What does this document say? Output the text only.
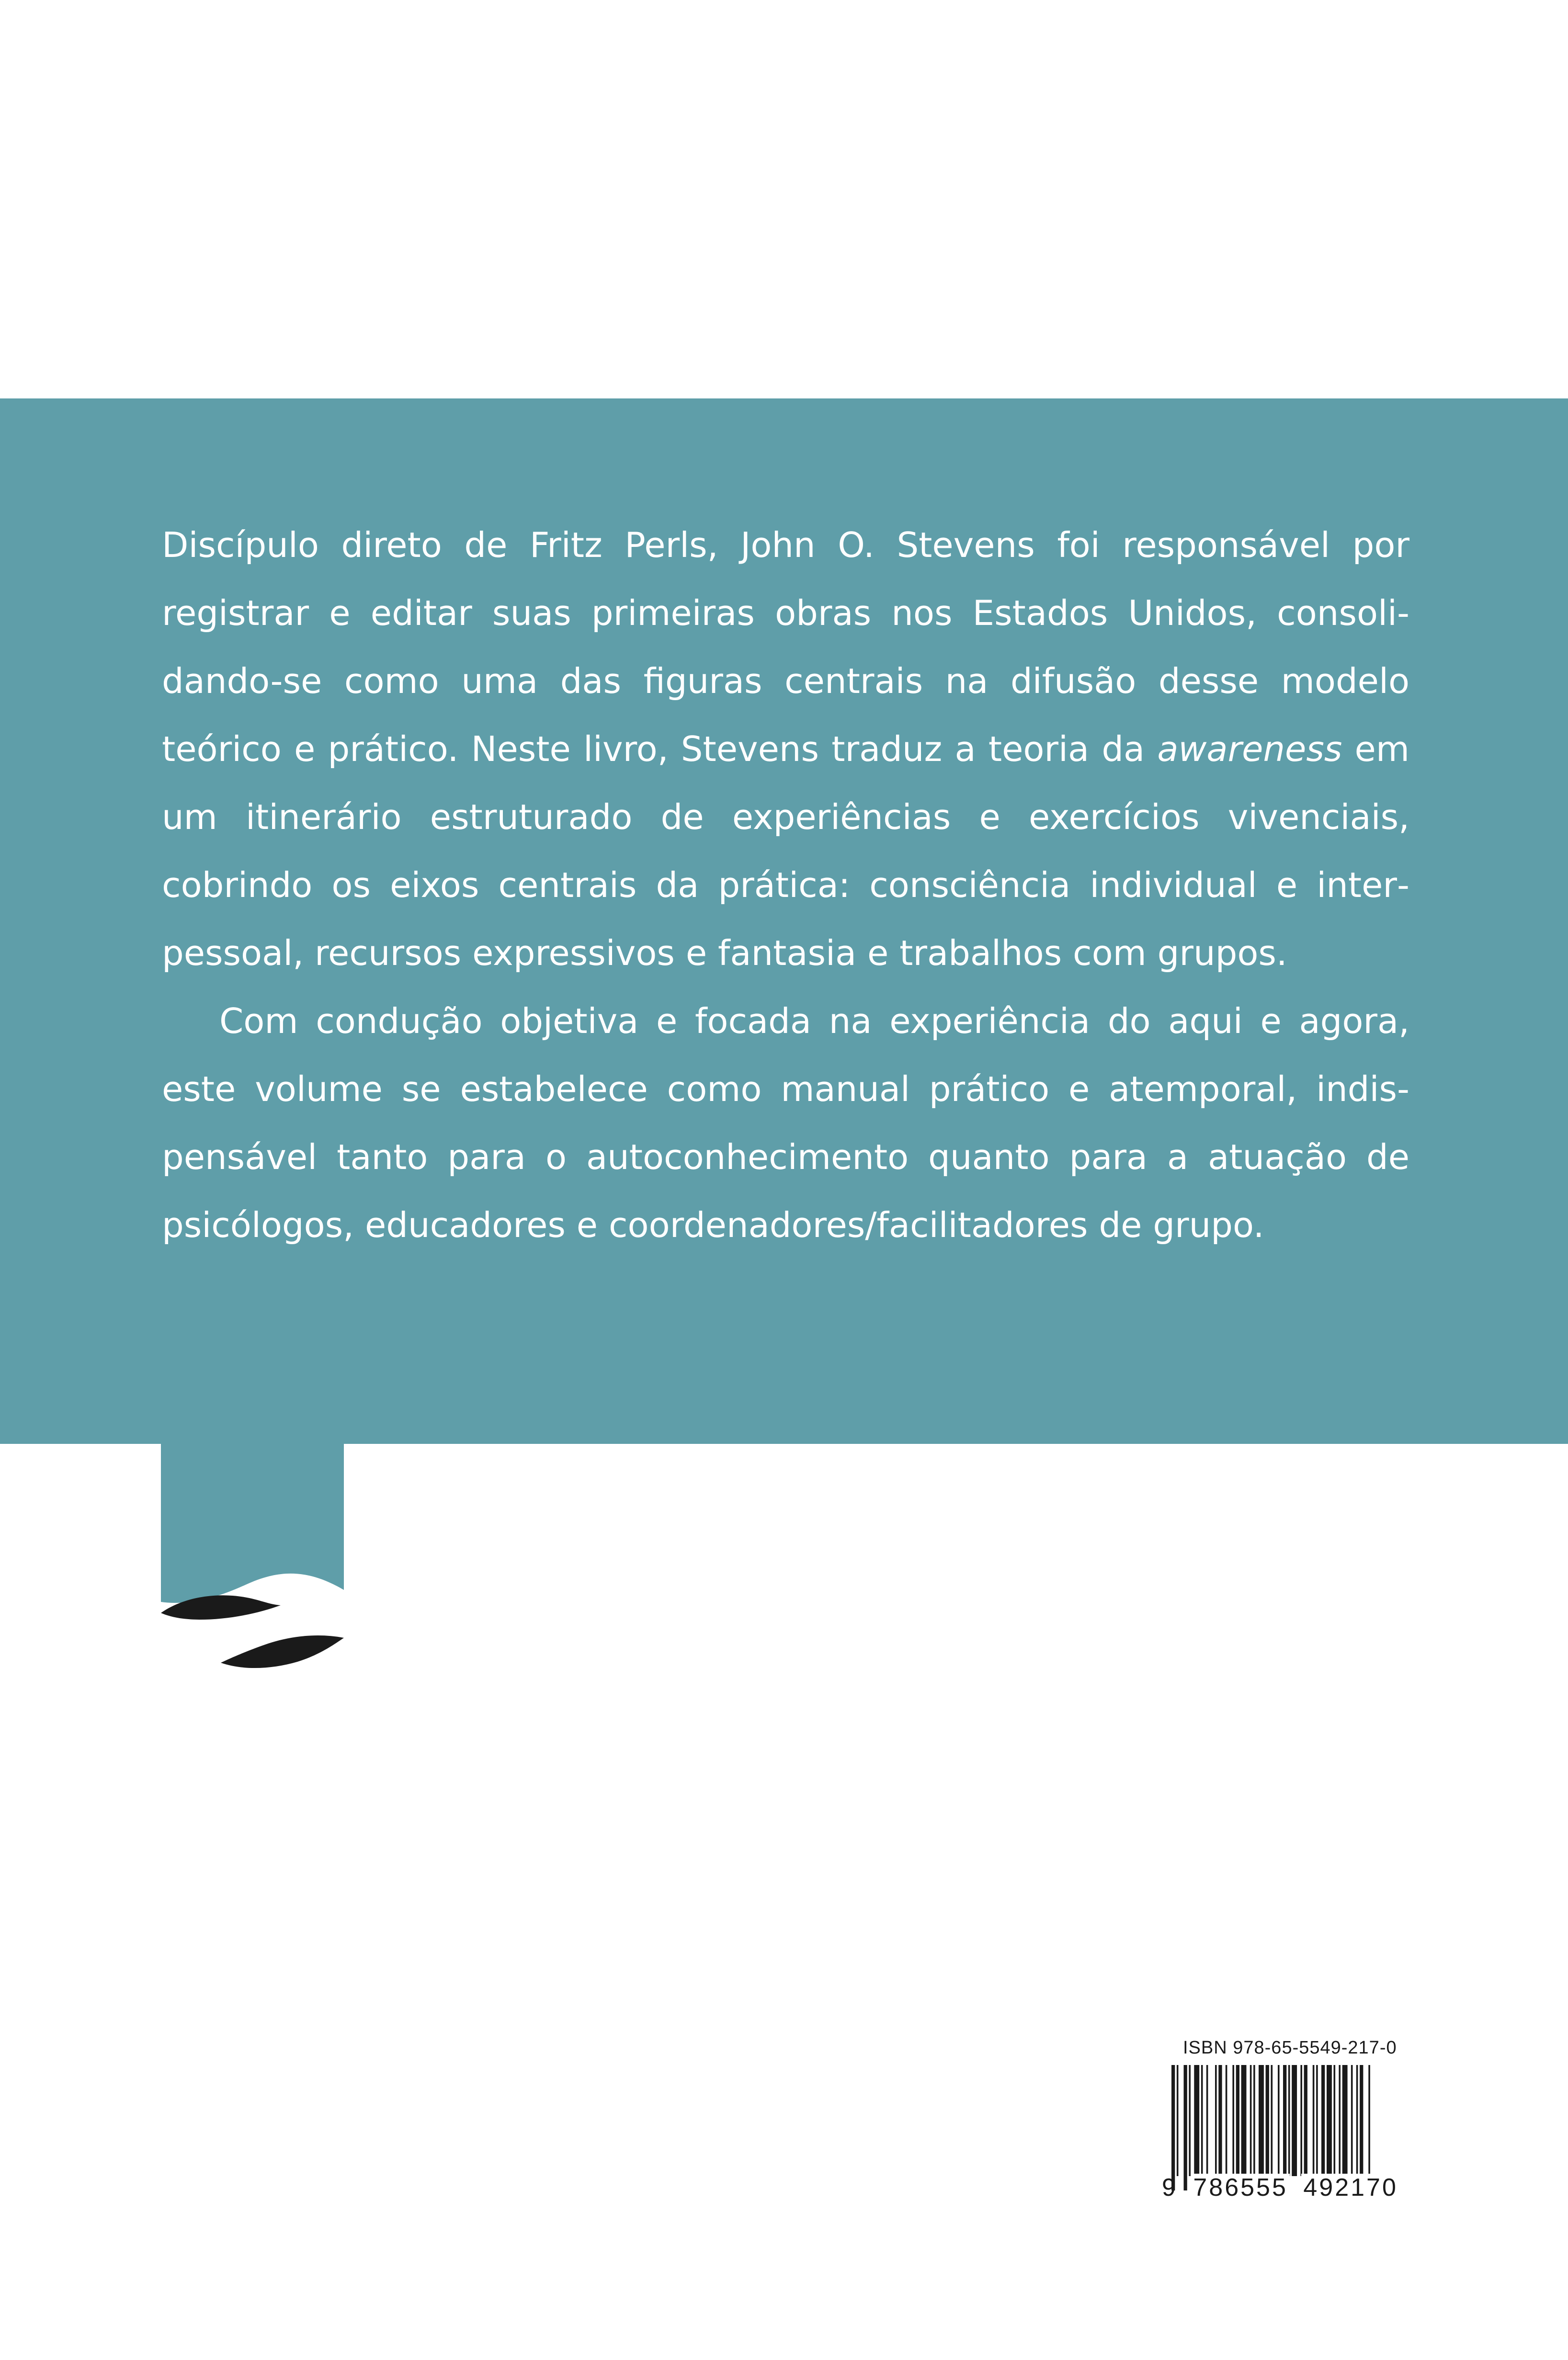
Discípulo direto de Fritz Perls, John O. Stevens foi responsável por registrar e editar suas primeiras obras nos Estados Unidos, consolidando-se como uma das figuras centrais na difusão desse modelo teórico e prático. Neste livro, Stevens traduz a teoria da awareness em um itinerário estruturado de experiências e exercícios vivenciais, cobrindo os eixos centrais da prática: consciência individual e interpessoal, recursos expressivos e fantasia e trabalhos com grupos.

Com condução objetiva e focada na experiência do aqui e agora, este volume se estabelece como manual prático e atemporal, indispensável tanto para o autoconhecimento quanto para a atuação de psicólogos, educadores e coordenadores/facilitadores de grupo.

ISBN 978-65-5549-217-0
9 786555 492170
